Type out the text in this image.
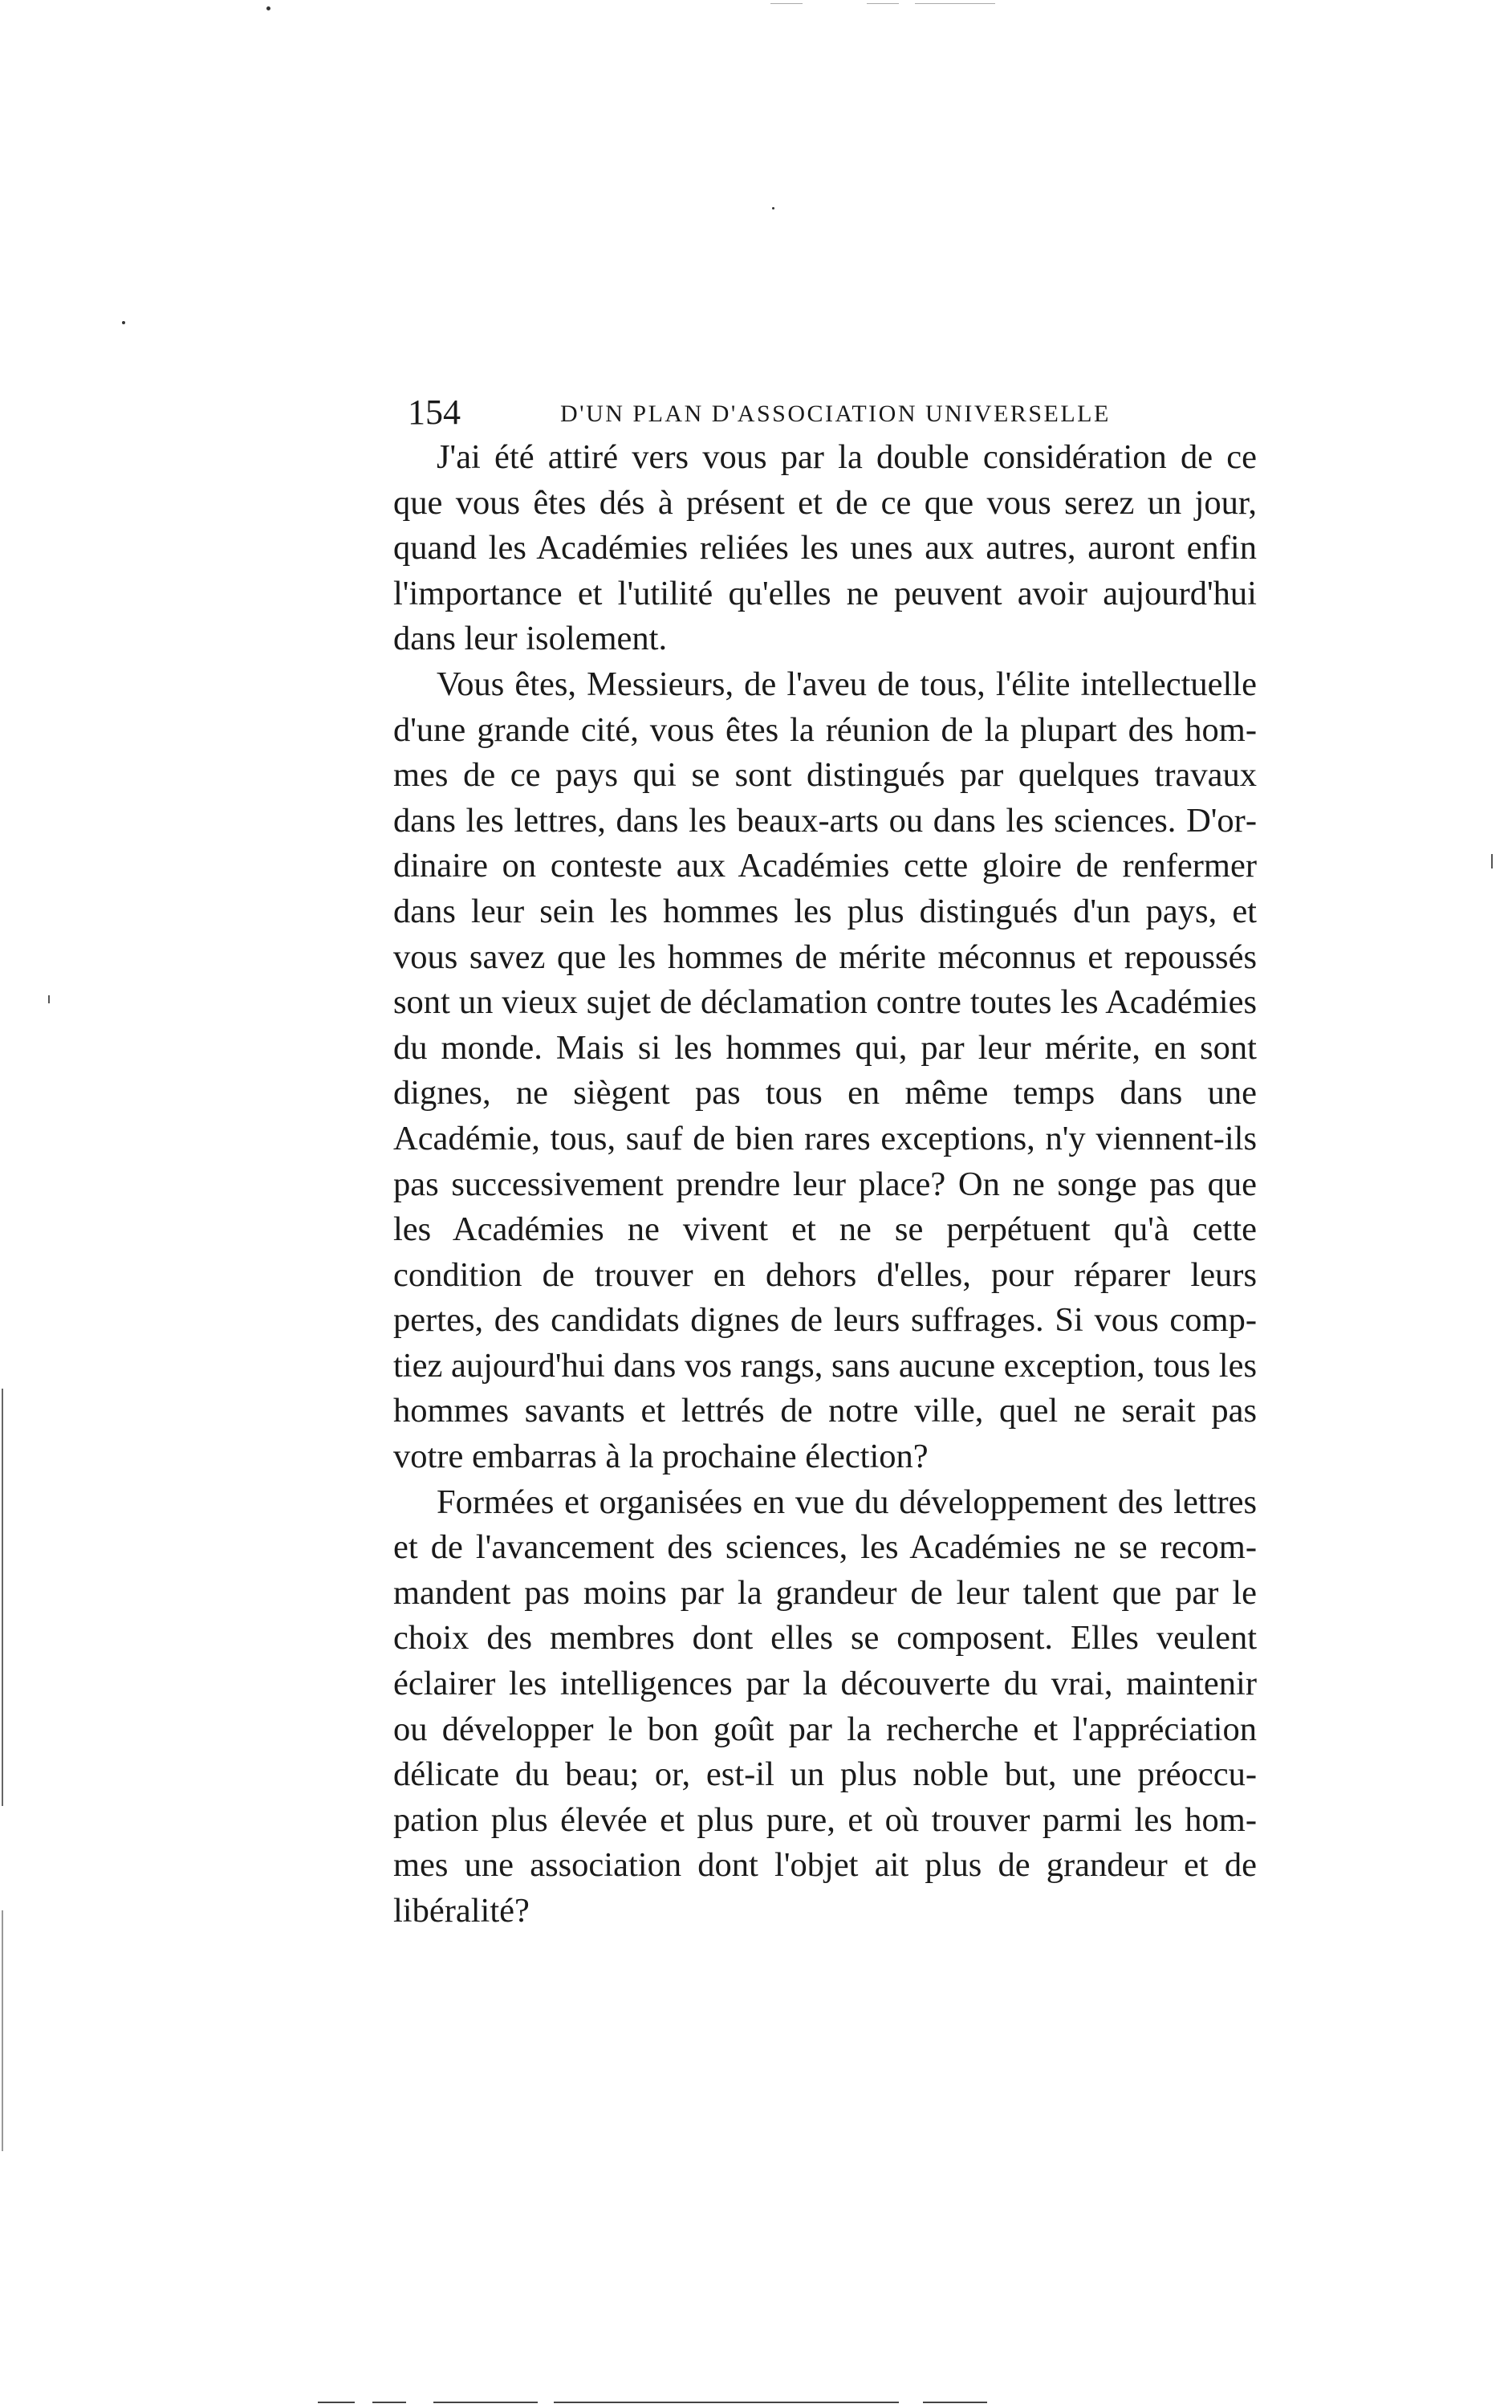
154	D'UN PLAN D'ASSOCIATION UNIVERSELLE

J'ai été attiré vers vous par la double considération de ce que vous êtes dés à présent et de ce que vous serez un jour, quand les Académies reliées les unes aux autres, auront enfin l'importance et l'utilité qu'elles ne peuvent avoir aujourd'hui dans leur isolement.

Vous êtes, Messieurs, de l'aveu de tous, l'élite intellectuelle d'une grande cité, vous êtes la réunion de la plupart des hommes de ce pays qui se sont distingués par quelques travaux dans les lettres, dans les beaux-arts ou dans les sciences. D'ordinaire on conteste aux Académies cette gloire de renfermer dans leur sein les hommes les plus distingués d'un pays, et vous savez que les hommes de mérite méconnus et repoussés sont un vieux sujet de déclamation contre toutes les Académies du monde. Mais si les hommes qui, par leur mérite, en sont dignes, ne siègent pas tous en même temps dans une Académie, tous, sauf de bien rares exceptions, n'y viennent-ils pas successivement prendre leur place? On ne songe pas que les Académies ne vivent et ne se perpétuent qu'à cette condition de trouver en dehors d'elles, pour réparer leurs pertes, des candidats dignes de leurs suffrages. Si vous comptiez aujourd'hui dans vos rangs, sans aucune exception, tous les hommes savants et lettrés de notre ville, quel ne serait pas votre embarras à la prochaine élection?

Formées et organisées en vue du développement des lettres et de l'avancement des sciences, les Académies ne se recommandent pas moins par la grandeur de leur talent que par le choix des membres dont elles se composent. Elles veulent éclairer les intelligences par la découverte du vrai, maintenir ou développer le bon goût par la recherche et l'appréciation délicate du beau; or, est-il un plus noble but, une préoccupation plus élevée et plus pure, et où trouver parmi les hommes une association dont l'objet ait plus de grandeur et de libéralité?
